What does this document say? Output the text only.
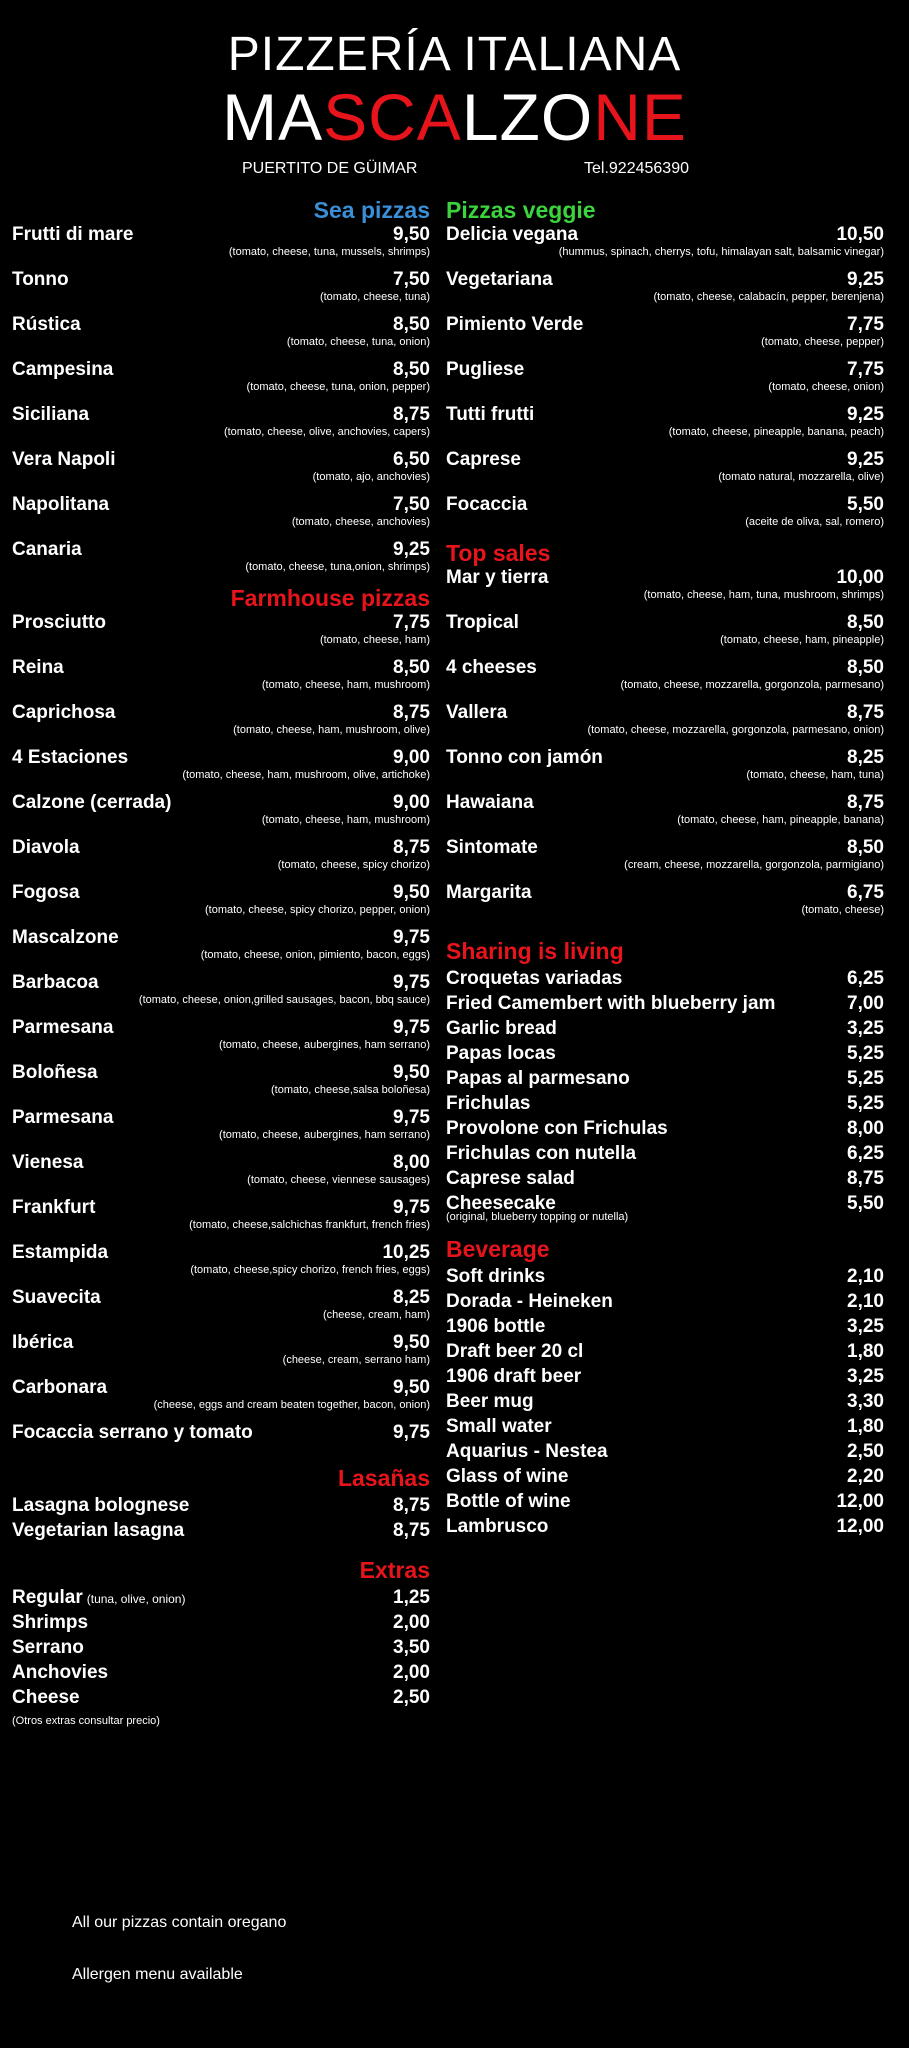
PIZZERÍA ITALIANA
MASCALZONE
PUERTITO DE GÜIMAR	Tel.922456390
Sea pizzas
Frutti di mare	9,50
(tomato, cheese, tuna, mussels, shrimps)
Tonno	7,50
(tomato, cheese, tuna)
Rústica	8,50
(tomato, cheese, tuna, onion)
Campesina	8,50
(tomato, cheese, tuna, onion, pepper)
Siciliana	8,75
(tomato, cheese, olive, anchovies, capers)
Vera Napoli	6,50
(tomato, ajo, anchovies)
Napolitana	7,50
(tomato, cheese, anchovies)
Canaria	9,25
(tomato, cheese, tuna,onion, shrimps)
Farmhouse pizzas
Prosciutto	7,75
(tomato, cheese, ham)
Reina	8,50
(tomato, cheese, ham, mushroom)
Caprichosa	8,75
(tomato, cheese, ham, mushroom, olive)
4 Estaciones	9,00
(tomato, cheese, ham, mushroom, olive, artichoke)
Calzone (cerrada)	9,00
(tomato, cheese, ham, mushroom)
Diavola	8,75
(tomato, cheese, spicy chorizo)
Fogosa	9,50
(tomato, cheese, spicy chorizo, pepper, onion)
Mascalzone	9,75
(tomato, cheese, onion, pimiento, bacon, eggs)
Barbacoa	9,75
(tomato, cheese, onion,grilled sausages, bacon, bbq sauce)
Parmesana	9,75
(tomato, cheese, aubergines, ham serrano)
Boloñesa	9,50
(tomato, cheese,salsa boloñesa)
Parmesana	9,75
(tomato, cheese, aubergines, ham serrano)
Vienesa	8,00
(tomato, cheese, viennese sausages)
Frankfurt	9,75
(tomato, cheese,salchichas frankfurt, french fries)
Estampida	10,25
(tomato, cheese,spicy chorizo, french fries, eggs)
Suavecita	8,25
(cheese, cream, ham)
Ibérica	9,50
(cheese, cream, serrano ham)
Carbonara	9,50
(cheese, eggs and cream beaten together, bacon, onion)
Focaccia serrano y tomato	9,75
Lasañas
Lasagna bolognese	8,75
Vegetarian lasagna	8,75
Extras
Regular (tuna, olive, onion)	1,25
Shrimps	2,00
Serrano	3,50
Anchovies	2,00
Cheese	2,50
(Otros extras consultar precio)
Pizzas veggie
Delicia vegana	10,50
(hummus, spinach, cherrys, tofu, himalayan salt, balsamic vinegar)
Vegetariana	9,25
(tomato, cheese, calabacín, pepper, berenjena)
Pimiento Verde	7,75
(tomato, cheese, pepper)
Pugliese	7,75
(tomato, cheese, onion)
Tutti frutti	9,25
(tomato, cheese, pineapple, banana, peach)
Caprese	9,25
(tomato natural, mozzarella, olive)
Focaccia	5,50
(aceite de oliva, sal, romero)
Top sales
Mar y tierra	10,00
(tomato, cheese, ham, tuna, mushroom, shrimps)
Tropical	8,50
(tomato, cheese, ham, pineapple)
4 cheeses	8,50
(tomato, cheese, mozzarella, gorgonzola, parmesano)
Vallera	8,75
(tomato, cheese, mozzarella, gorgonzola, parmesano, onion)
Tonno con jamón	8,25
(tomato, cheese, ham, tuna)
Hawaiana	8,75
(tomato, cheese, ham, pineapple, banana)
Sintomate	8,50
(cream, cheese, mozzarella, gorgonzola, parmigiano)
Margarita	6,75
(tomato, cheese)
Sharing is living
Croquetas variadas	6,25
Fried Camembert with blueberry jam	7,00
Garlic bread	3,25
Papas locas	5,25
Papas al parmesano	5,25
Frichulas	5,25
Provolone con Frichulas	8,00
Frichulas con nutella	6,25
Caprese salad	8,75
Cheesecake	5,50
(original, blueberry topping or nutella)
Beverage
Soft drinks	2,10
Dorada - Heineken	2,10
1906 bottle	3,25
Draft beer 20 cl	1,80
1906 draft beer	3,25
Beer mug	3,30
Small water	1,80
Aquarius - Nestea	2,50
Glass of wine	2,20
Bottle of wine	12,00
Lambrusco	12,00
All our pizzas contain oregano
Allergen menu available
